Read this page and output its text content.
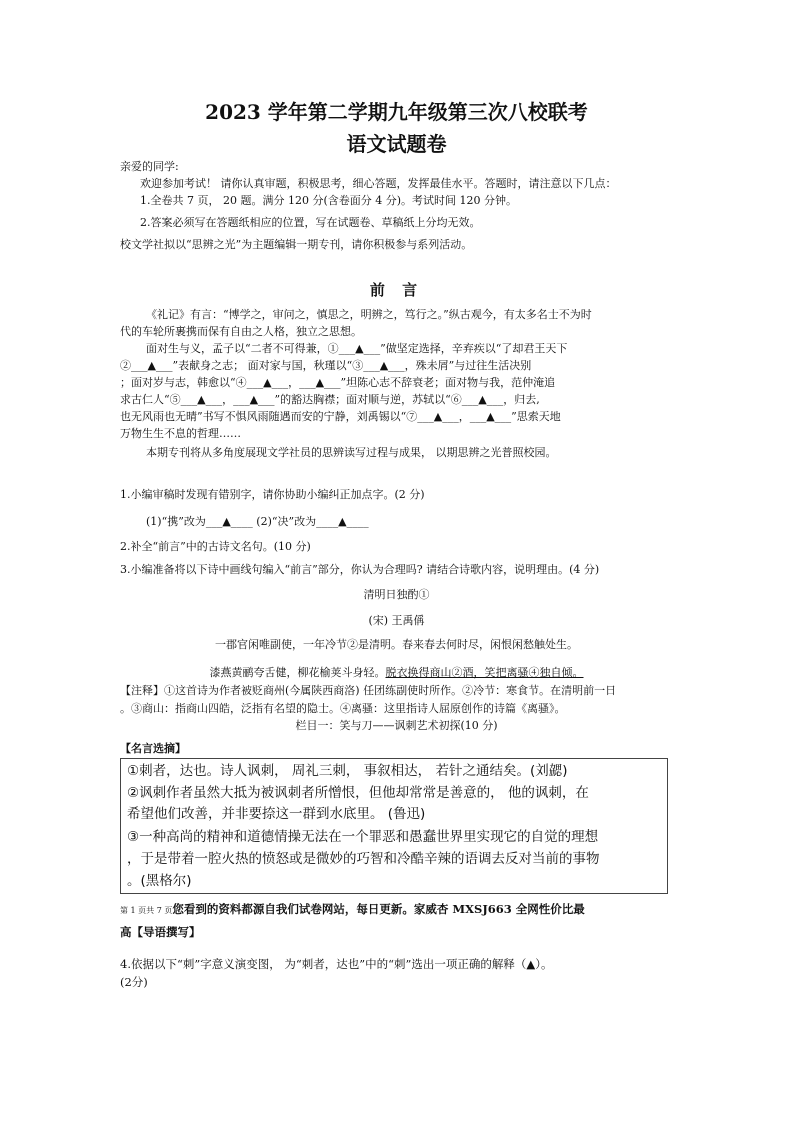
2023 学年第二学期九年级第三次八校联考
语文试题卷
亲爱的同学:
欢迎参加考试！ 请你认真审题，积极思考，细心答题，发挥最佳水平。答题时，请注意以下几点：
1.全卷共 7 页， 20 题。满分 120 分(含卷面分 4 分)。考试时间 120 分钟。
2.答案必须写在答题纸相应的位置，写在试题卷、草稿纸上分均无效。
校文学社拟以“思辨之光”为主题编辑一期专刊，请你积极参与系列活动。
前 言
《礼记》有言：“博学之，审问之，慎思之，明辨之，笃行之。”纵古观今，有太多名士不为时
代的车轮所裹携而保有自由之人格，独立之思想。
面对生与义，孟子以“二者不可得兼，①___▲___”做坚定选择，辛弃疾以“了却君王天下
②___▲___”表献身之志； 面对家与国，秋瑾以“③___▲___，殊未屑”与过往生活决别
；面对岁与志，韩愈以“④___▲___，___▲___”坦陈心志不辞衰老；面对物与我，范仲淹追
求古仁人“⑤___▲___，___▲___”的豁达胸襟；面对顺与逆，苏轼以“⑥___▲___，归去,
也无风雨也无晴”书写不惧风雨随遇而安的宁静，刘禹锡以“⑦___▲___，___▲___”思索天地
万物生生不息的哲理……
本期专刊将从多角度展现文学社员的思辨读写过程与成果， 以期思辨之光普照校园。
1.小编审稿时发现有错别字，请你协助小编纠正加点字。(2 分)
(1)“携”改为___▲____ (2)“决”改为____▲____
2.补全“前言”中的古诗文名句。(10 分)
3.小编准备将以下诗中画线句编入“前言”部分，你认为合理吗? 请结合诗歌内容，说明理由。(4 分)
清明日独酌①
(宋) 王禹偁
一郡官闲唯副使，一年冷节②是清明。春来春去何时尽，闲恨闲愁触处生。
漆燕黄鹂夸舌健，柳花榆荚斗身轻。脱衣换得商山②酒，笑把离骚④独自倾。
【注释】①这首诗为作者被贬商州(今属陕西商洛) 任团练副使时所作。②冷节：寒食节。在清明前一日
。③商山：指商山四皓，泛指有名望的隐士。④离骚：这里指诗人屈原创作的诗篇《离骚》。
栏目一：笑与刀——讽刺艺术初探(10 分)
【名言选摘】
①刺者，达也。诗人讽刺， 周礼三刺， 事叙相达， 若针之通结矣。(刘勰)
②讽刺作者虽然大抵为被讽刺者所憎恨，但他却常常是善意的， 他的讽刺，在
希望他们改善，并非要捺这一群到水底里。 (鲁迅)
③一种高尚的精神和道德情操无法在一个罪恶和愚蠢世界里实现它的自觉的理想
，于是带着一腔火热的愤怒或是微妙的巧智和冷酷辛辣的语调去反对当前的事物
。(黑格尔)
第 1 页共 7 页您看到的资料都源自我们试卷网站，每日更新。家威杏 MXSJ663 全网性价比最
高【导语撰写】
4.依据以下“刺”字意义演变图， 为“刺者，达也”中的“刺”选出一项正确的解释（▲）。
(2分)
